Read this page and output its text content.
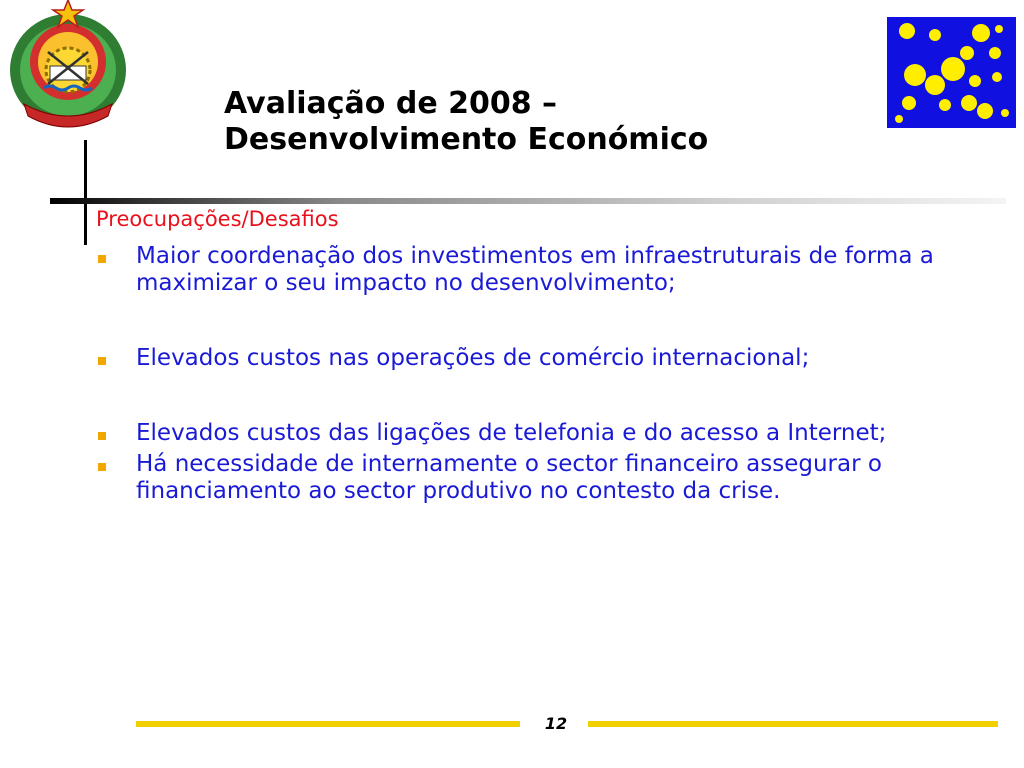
Avaliação de 2008 –
Desenvolvimento Económico

Preocupações/Desafios

Maior coordenação dos investimentos em infraestruturais de forma a maximizar o seu impacto no desenvolvimento;
Elevados custos nas operações de comércio internacional;
Elevados custos das ligações de telefonia e do acesso a Internet;
Há necessidade de internamente o sector financeiro assegurar o financiamento ao sector produtivo no contesto da crise.
12
